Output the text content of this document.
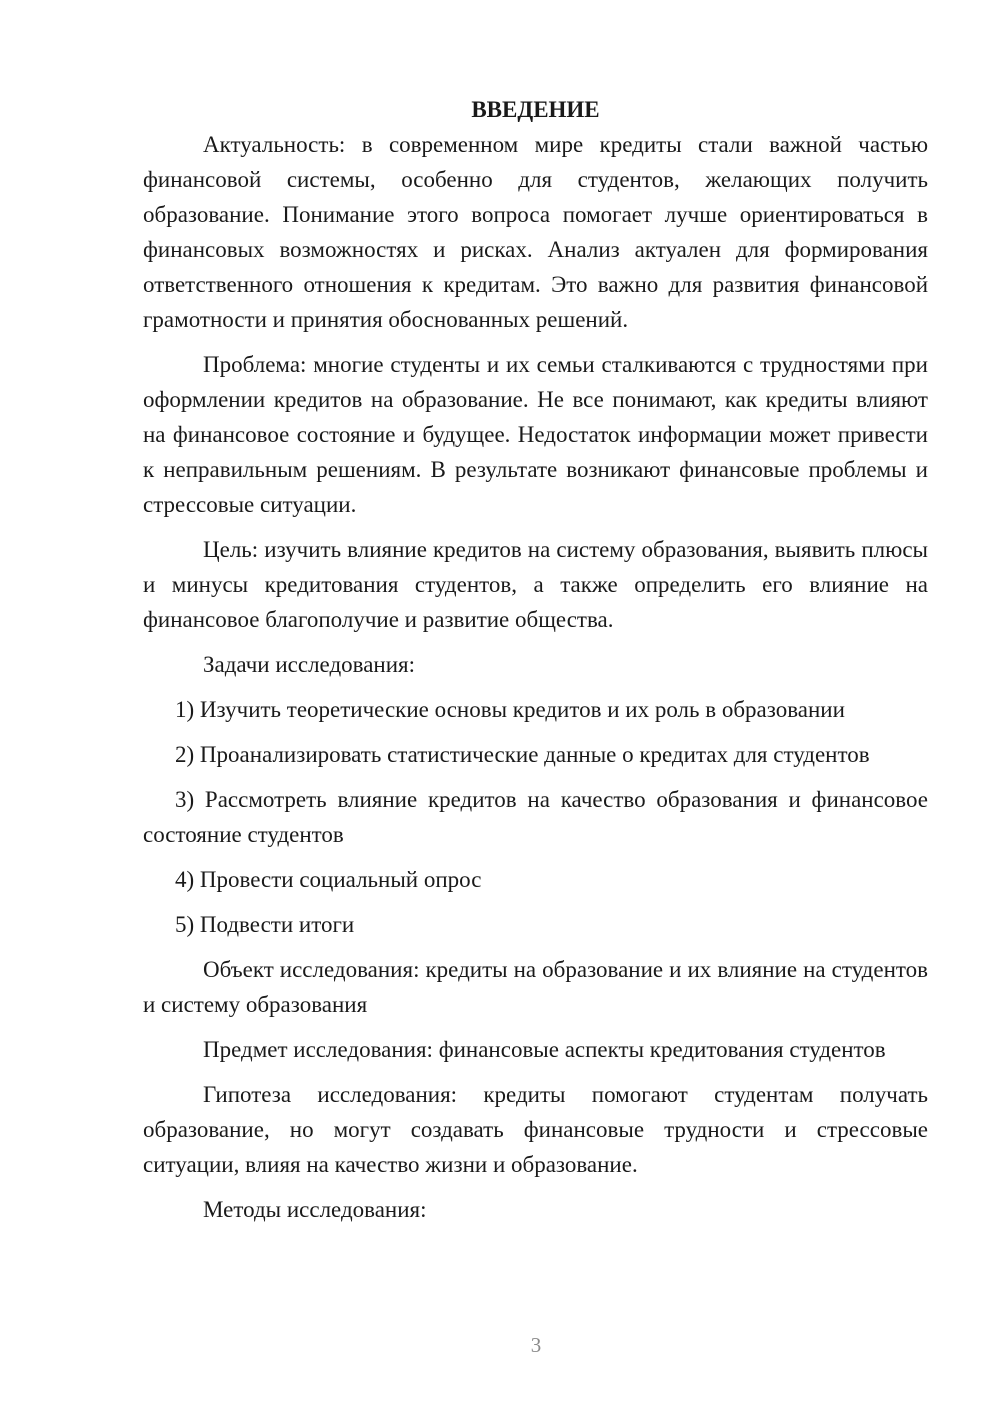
ВВЕДЕНИЕ

Актуальность: в современном мире кредиты стали важной частью финансовой системы, особенно для студентов, желающих получить образование. Понимание этого вопроса помогает лучше ориентироваться в финансовых возможностях и рисках. Анализ актуален для формирования ответственного отношения к кредитам. Это важно для развития финансовой грамотности и принятия обоснованных решений.

Проблема: многие студенты и их семьи сталкиваются с трудностями при оформлении кредитов на образование. Не все понимают, как кредиты влияют на финансовое состояние и будущее. Недостаток информации может привести к неправильным решениям. В результате возникают финансовые проблемы и стрессовые ситуации.

Цель: изучить влияние кредитов на систему образования, выявить плюсы и минусы кредитования студентов, а также определить его влияние на финансовое благополучие и развитие общества.

Задачи исследования:

1) Изучить теоретические основы кредитов и их роль в образовании

2) Проанализировать статистические данные о кредитах для студентов

3) Рассмотреть влияние кредитов на качество образования и финансовое состояние студентов

4) Провести социальный опрос

5) Подвести итоги

Объект исследования: кредиты на образование и их влияние на студентов и систему образования

Предмет исследования: финансовые аспекты кредитования студентов

Гипотеза исследования: кредиты помогают студентам получать образование, но могут создавать финансовые трудности и стрессовые ситуации, влияя на качество жизни и образование.

Методы исследования:

3
